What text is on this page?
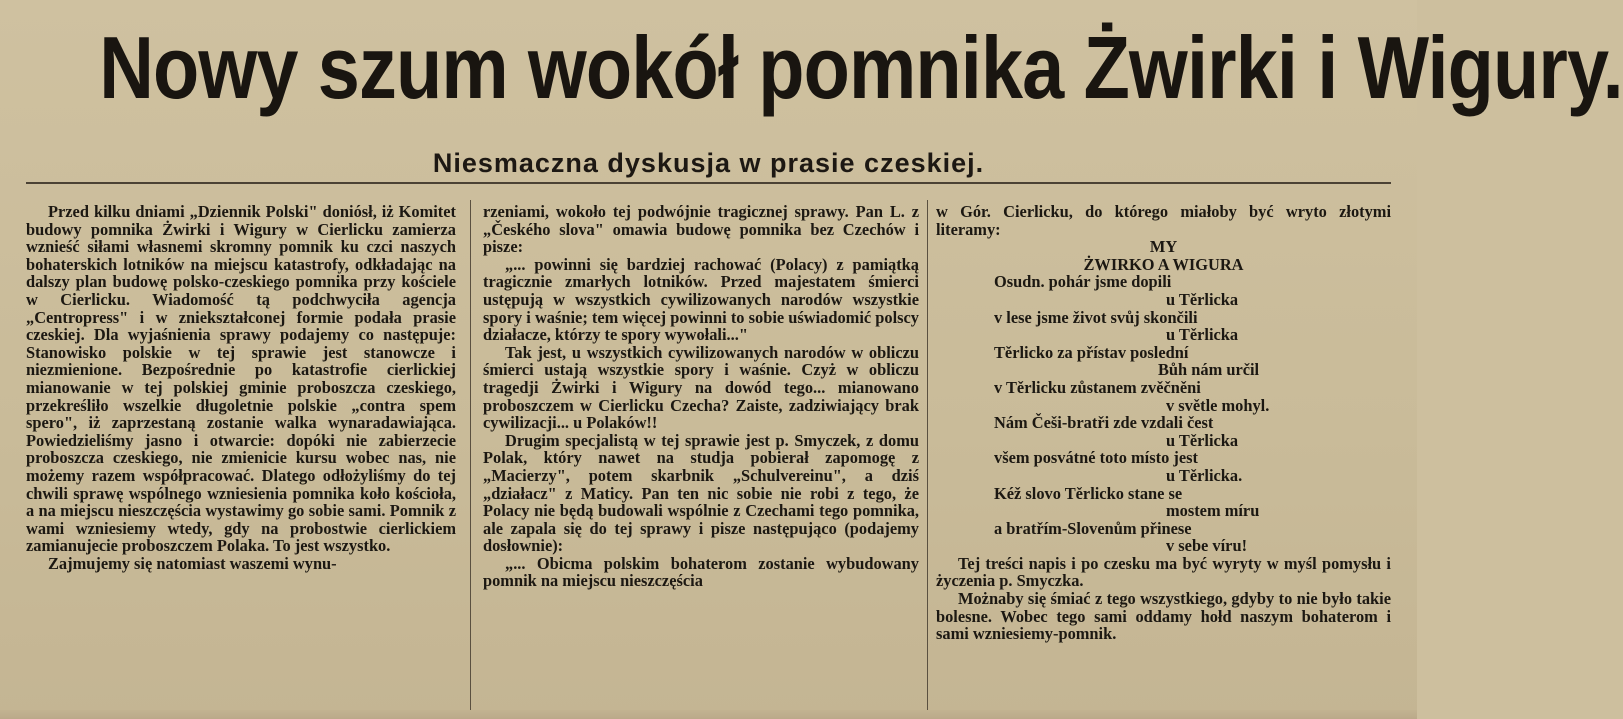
Nowy szum wokół pomnika Żwirki i Wigury.
Niesmaczna dyskusja w prasie czeskiej.

Przed kilku dniami „Dziennik Polski" doniósł, iż Komitet budowy pomnika Żwirki i Wigury w Cierlicku zamierza wznieść siłami własnemi skromny pomnik ku czci naszych bohaterskich lotników na miejscu katastrofy, odkładając na dalszy plan budowę polsko-czeskiego pomnika przy kościele w Cierlicku. Wiadomość tą podchwyciła agencja „Centropress" i w zniekształconej formie podała prasie czeskiej. Dla wyjaśnienia sprawy podajemy co następuje: Stanowisko polskie w tej sprawie jest stanowcze i niezmienione. Bezpośrednie po katastrofie cierlickiej mianowanie w tej polskiej gminie proboszcza czeskiego, przekreśliło wszelkie długoletnie polskie „contra spem spero", iż zaprzestaną zostanie walka wynaradawiająca. Powiedzieliśmy jasno i otwarcie: dopóki nie zabierzecie proboszcza czeskiego, nie zmienicie kursu wobec nas, nie możemy razem współpracować. Dlatego odłożyliśmy do tej chwili sprawę wspólnego wzniesienia pomnika koło kościoła, a na miejscu nieszczęścia wystawimy go sobie sami. Pomnik z wami wzniesiemy wtedy, gdy na probostwie cierlickiem zamianujecie proboszczem Polaka. To jest wszystko.

Zajmujemy się natomiast waszemi wynu-

rzeniami, wokoło tej podwójnie tragicznej sprawy. Pan L. z „Českého slova" omawia budowę pomnika bez Czechów i pisze:

„... powinni się bardziej rachować (Polacy) z pamiątką tragicznie zmarłych lotników. Przed majestatem śmierci ustępują w wszystkich cywilizowanych narodów wszystkie spory i waśnie; tem więcej powinni to sobie uświadomić polscy działacze, którzy te spory wywołali..."

Tak jest, u wszystkich cywilizowanych narodów w obliczu śmierci ustają wszystkie spory i waśnie. Czyż w obliczu tragedji Żwirki i Wigury na dowód tego... mianowano proboszczem w Cierlicku Czecha? Zaiste, zadziwiający brak cywilizacji... u Polaków!!

Drugim specjalistą w tej sprawie jest p. Smyczek, z domu Polak, który nawet na studja pobierał zapomogę z „Macierzy", potem skarbnik „Schulvereinu", a dziś „działacz" z Maticy. Pan ten nic sobie nie robi z tego, że Polacy nie będą budowali wspólnie z Czechami tego pomnika, ale zapala się do tej sprawy i pisze następująco (podajemy dosłownie):

„... Obicma polskim bohaterom zostanie wybudowany pomnik na miejscu nieszczęścia

w Gór. Cierlicku, do którego miałoby być wryto złotymi literamy:

MY
ŻWIRKO A WIGURA
Osudn. pohár jsme dopili
u Těrlicka
v lese jsme život svůj skončili
u Těrlicka
Těrlicko za přístav poslední
Bůh nám určil
v Těrlicku zůstanem zvěčněni
v světle mohyl.
Nám Češi-bratři zde vzdali čest
u Těrlicka
všem posvátné toto místo jest
u Těrlicka.
Kéž slovo Těrlicko stane se
mostem míru
a bratřím-Slovenům přinese
v sebe víru!

Tej treści napis i po czesku ma być wyryty w myśl pomysłu i życzenia p. Smyczka.

Możnaby się śmiać z tego wszystkiego, gdyby to nie było takie bolesne. Wobec tego sami oddamy hołd naszym bohaterom i sami wzniesiemy-pomnik.
